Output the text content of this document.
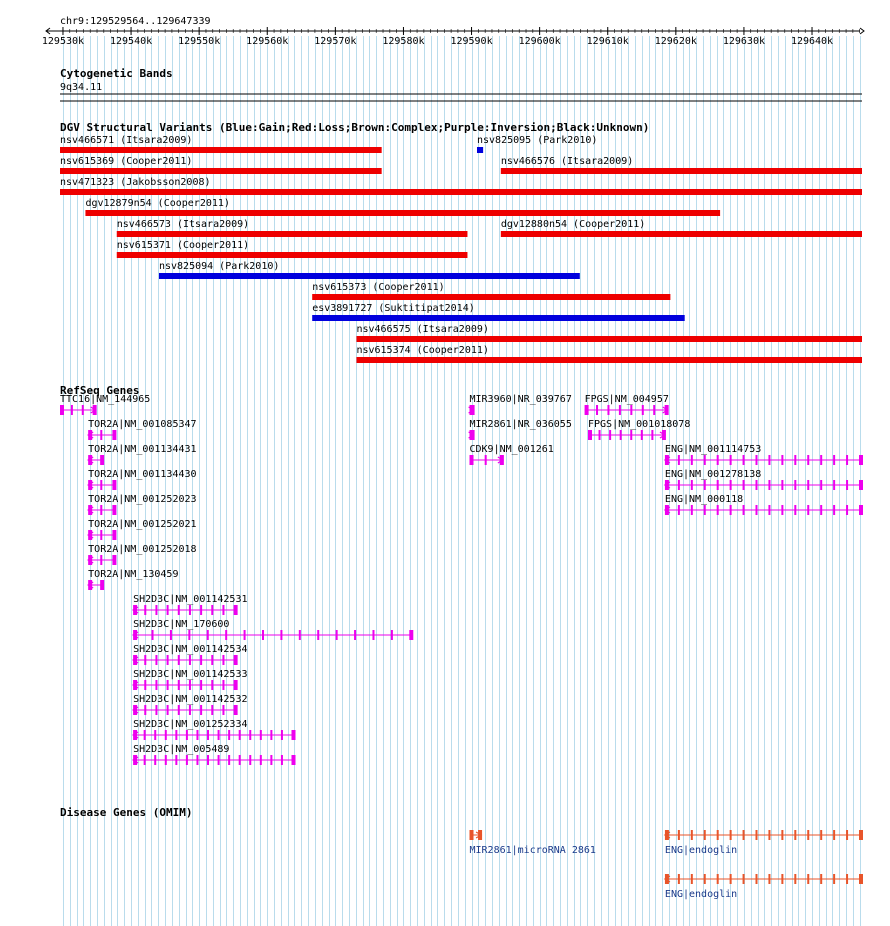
chr9:129529564..129647339
129530k	129540k	129550k	129560k	129570k	129580k	129590k	129600k	129610k	129620k	129630k	129640k
Cytogenetic Bands
9q34.11
DGV Structural Variants (Blue:Gain;Red:Loss;Brown:Complex;Purple:Inversion;Black:Unknown)
nsv466571 (Itsara2009)	nsv825095 (Park2010)
nsv615369 (Cooper2011)	nsv466576 (Itsara2009)
nsv471323 (Jakobsson2008)
dgv12879n54 (Cooper2011)
nsv466573 (Itsara2009)	dgv12880n54 (Cooper2011)
nsv615371 (Cooper2011)
nsv825094 (Park2010)
nsv615373 (Cooper2011)
esv3891727 (Suktitipat2014)
nsv466575 (Itsara2009)
nsv615374 (Cooper2011)
RefSeq Genes
TTC16|NM_144965	MIR3960|NR_039767 FPGS|NM_004957
TOR2A|NM_001085347	MIR2861|NR_036055 FPGS|NM_001018078
TOR2A|NM_001134431	CDK9|NM_001261	ENG|NM_001114753
TOR2A|NM_001134430	ENG|NM_001278138
TOR2A|NM_001252023	ENG|NM_000118
TOR2A|NM_001252021
TOR2A|NM_001252018
TOR2A|NM_130459
SH2D3C|NM_001142531
SH2D3C|NM_170600
SH2D3C|NM_001142534
SH2D3C|NM_001142533
SH2D3C|NM_001142532
SH2D3C|NM_001252334
SH2D3C|NM_005489
Disease Genes (OMIM)
MIR2861|microRNA 2861	ENG|endoglin
ENG|endoglin
